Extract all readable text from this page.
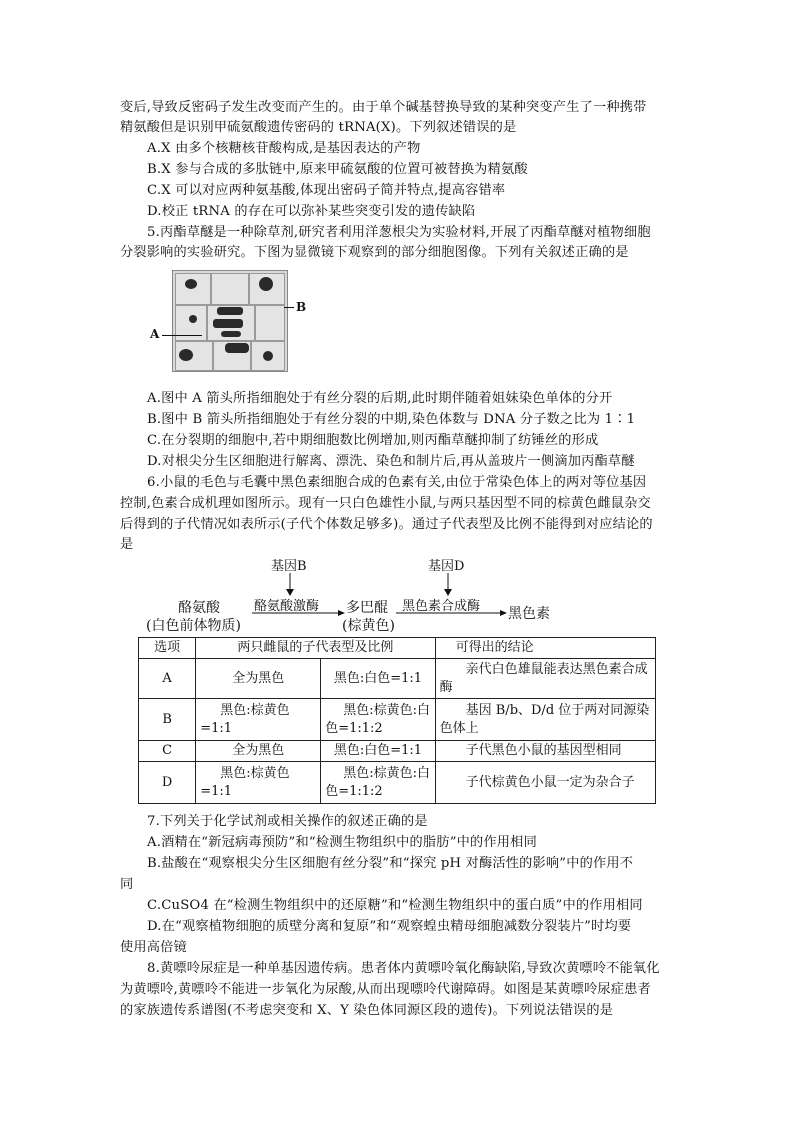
变后,导致反密码子发生改变而产生的。由于单个碱基替换导致的某种突变产生了一种携带
精氨酸但是识别甲硫氨酸遗传密码的 tRNA(X)。下列叙述错误的是
A.X 由多个核糖核苷酸构成,是基因表达的产物
B.X 参与合成的多肽链中,原来甲硫氨酸的位置可被替换为精氨酸
C.X 可以对应两种氨基酸,体现出密码子简并特点,提高容错率
D.校正 tRNA 的存在可以弥补某些突变引发的遗传缺陷
5.丙酯草醚是一种除草剂,研究者利用洋葱根尖为实验材料,开展了丙酯草醚对植物细胞
分裂影响的实验研究。下图为显微镜下观察到的部分细胞图像。下列有关叙述正确的是
B
A
A.图中 A 箭头所指细胞处于有丝分裂的后期,此时期伴随着姐妹染色单体的分开
B.图中 B 箭头所指细胞处于有丝分裂的中期,染色体数与 DNA 分子数之比为 1∶1
C.在分裂期的细胞中,若中期细胞数比例增加,则丙酯草醚抑制了纺锤丝的形成
D.对根尖分生区细胞进行解离、漂洗、染色和制片后,再从盖玻片一侧滴加丙酯草醚
6.小鼠的毛色与毛囊中黑色素细胞合成的色素有关,由位于常染色体上的两对等位基因
控制,色素合成机理如图所示。现有一只白色雄性小鼠,与两只基因型不同的棕黄色雌鼠杂交
后得到的子代情况如表所示(子代个体数足够多)。通过子代表型及比例不能得到对应结论的
是
基因B	基因D
酪氨酸
(白色前体物质)
酪氨酸激酶 多巴醌
(棕黄色)
黑色素合成酶 黑色素
选项	两只雌鼠的子代表型及比例		可得出的结论
A	全为黑色	黑色:白色=1:1	亲代白色雄鼠能表达黑色素合成酶
B	黑色:棕黄色=1:1	黑色:棕黄色:白色=1:1:2	基因 B/b、D/d 位于两对同源染色体上
C	全为黑色	黑色:白色=1:1	子代黑色小鼠的基因型相同
D	黑色:棕黄色=1:1	黑色:棕黄色:白色=1:1:2	子代棕黄色小鼠一定为杂合子
7.下列关于化学试剂或相关操作的叙述正确的是
A.酒精在“新冠病毒预防”和“检测生物组织中的脂肪”中的作用相同
B.盐酸在“观察根尖分生区细胞有丝分裂”和“探究 pH 对酶活性的影响”中的作用不
同
C.CuSO4 在“检测生物组织中的还原糖”和“检测生物组织中的蛋白质”中的作用相同
D.在“观察植物细胞的质壁分离和复原”和“观察蝗虫精母细胞减数分裂装片”时均要
使用高倍镜
8.黄嘌呤尿症是一种单基因遗传病。患者体内黄嘌呤氧化酶缺陷,导致次黄嘌呤不能氧化
为黄嘌呤,黄嘌呤不能进一步氧化为尿酸,从而出现嘌呤代谢障碍。如图是某黄嘌呤尿症患者
的家族遗传系谱图(不考虑突变和 X、Y 染色体同源区段的遗传)。下列说法错误的是
